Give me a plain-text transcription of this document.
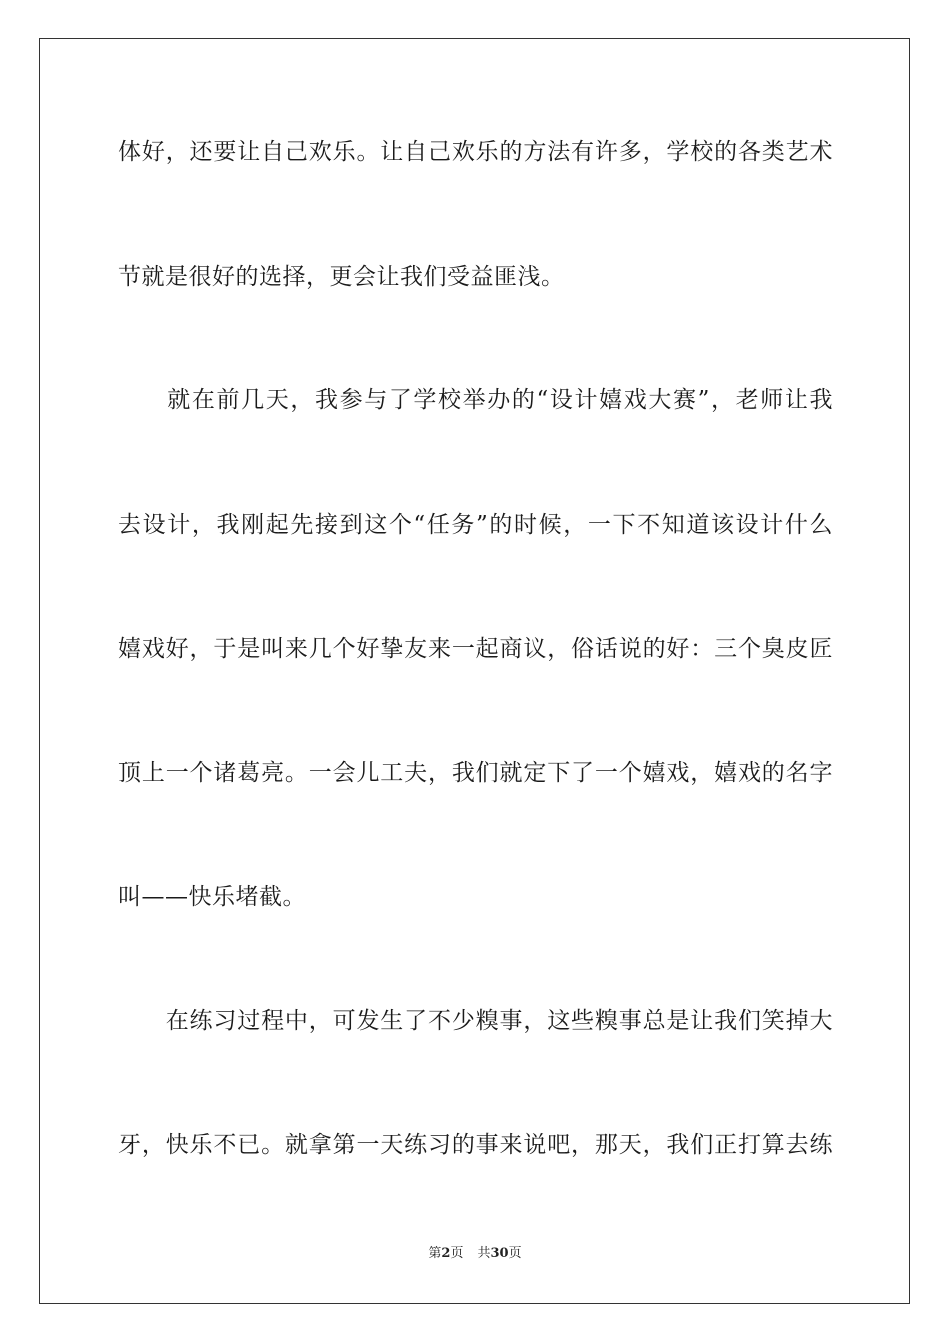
体好，还要让自己欢乐。让自己欢乐的方法有许多，学校的各类艺术
节就是很好的选择，更会让我们受益匪浅。
　　就在前几天，我参与了学校举办的“设计嬉戏大赛”，老师让我
去设计，我刚起先接到这个“任务”的时候，一下不知道该设计什么
嬉戏好，于是叫来几个好挚友来一起商议，俗话说的好：三个臭皮匠
顶上一个诸葛亮。一会儿工夫，我们就定下了一个嬉戏，嬉戏的名字
叫——快乐堵截。
　　在练习过程中，可发生了不少糗事，这些糗事总是让我们笑掉大
牙，快乐不已。就拿第一天练习的事来说吧，那天，我们正打算去练
第2页 共30页
